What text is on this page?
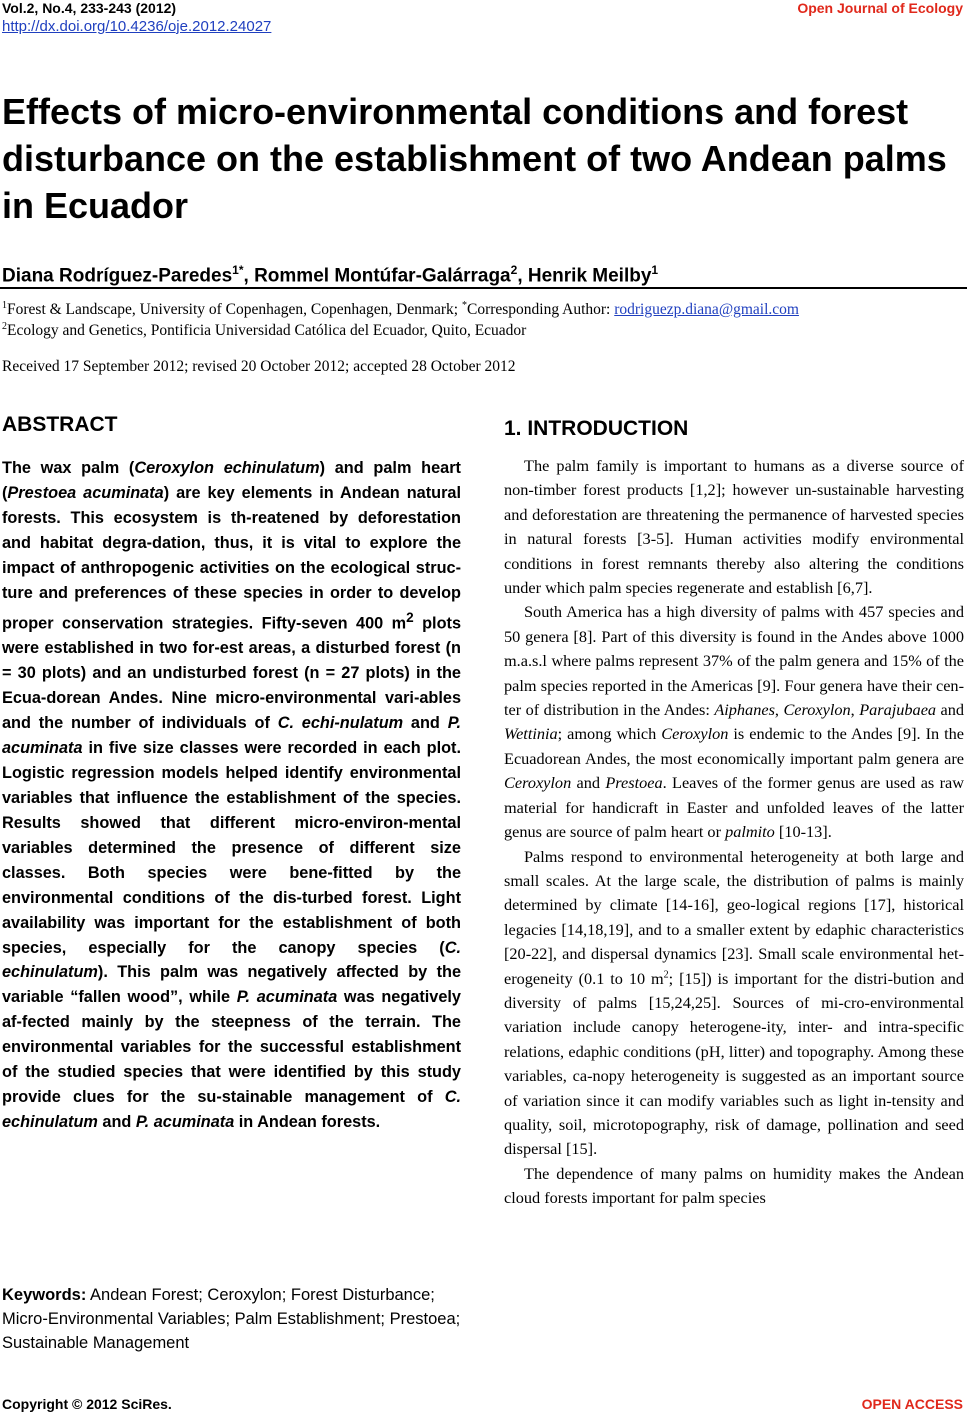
Vol.2, No.4, 233-243 (2012)
http://dx.doi.org/10.4236/oje.2012.24027
Open Journal of Ecology
Effects of micro-environmental conditions and forest disturbance on the establishment of two Andean palms in Ecuador
Diana Rodríguez-Paredes$^{1*}$, Rommel Montúfar-Galárraga$^2$, Henrik Meilby$^1$
$^1$Forest & Landscape, University of Copenhagen, Copenhagen, Denmark; *Corresponding Author: rodriguezp.diana@gmail.com
$^2$Ecology and Genetics, Pontificia Universidad Católica del Ecuador, Quito, Ecuador
Received 17 September 2012; revised 20 October 2012; accepted 28 October 2012
ABSTRACT

The wax palm (Ceroxylon echinulatum) and palm heart (Prestoea acuminata) are key elements in Andean natural forests. This ecosystem is th-reatened by deforestation and habitat degra-dation, thus, it is vital to explore the impact of anthropogenic activities on the ecological struc-ture and preferences of these species in order to develop proper conservation strategies. Fifty-seven 400 $m^2$ plots were established in two for-est areas, a disturbed forest (n = 30 plots) and an undisturbed forest (n = 27 plots) in the Ecua-dorean Andes. Nine micro-environmental vari-ables and the number of individuals of C. echi-nulatum and P. acuminata in five size classes were recorded in each plot. Logistic regression models helped identify environmental variables that influence the establishment of the species. Results showed that different micro-environ-mental variables determined the presence of different size classes. Both species were bene-fitted by the environmental conditions of the dis-turbed forest. Light availability was important for the establishment of both species, especially for the canopy species (C. echinulatum). This palm was negatively affected by the variable “fallen wood”, while P. acuminata was negatively af-fected mainly by the steepness of the terrain. The environmental variables for the successful establishment of the studied species that were identified by this study provide clues for the su-stainable management of C. echinulatum and P. acuminata in Andean forests.

Keywords: Andean Forest; Ceroxylon; Forest Disturbance; Micro-Environmental Variables; Palm Establishment; Prestoea; Sustainable Management

1. INTRODUCTION

The palm family is important to humans as a diverse source of non-timber forest products [1,2]; however un-sustainable harvesting and deforestation are threatening the permanence of harvested species in natural forests [3-5]. Human activities modify environmental conditions in forest remnants thereby also altering the conditions under which palm species regenerate and establish [6,7].

South America has a high diversity of palms with 457 species and 50 genera [8]. Part of this diversity is found in the Andes above 1000 m.a.s.l where palms represent 37% of the palm genera and 15% of the palm species reported in the Americas [9]. Four genera have their cen-ter of distribution in the Andes: Aiphanes, Ceroxylon, Parajubaea and Wettinia; among which Ceroxylon is endemic to the Andes [9]. In the Ecuadorean Andes, the most economically important palm genera are Ceroxylon and Prestoea. Leaves of the former genus are used as raw material for handicraft in Easter and unfolded leaves of the latter genus are source of palm heart or palmito [10-13].

Palms respond to environmental heterogeneity at both large and small scales. At the large scale, the distribution of palms is mainly determined by climate [14-16], geo-logical regions [17], historical legacies [14,18,19], and to a smaller extent by edaphic characteristics [20-22], and dispersal dynamics [23]. Small scale environmental het-erogeneity (0.1 to 10 $m^2$; [15]) is important for the distri-bution and diversity of palms [15,24,25]. Sources of mi-cro-environmental variation include canopy heterogene-ity, inter- and intra-specific relations, edaphic conditions (pH, litter) and topography. Among these variables, ca-nopy heterogeneity is suggested as an important source of variation since it can modify variables such as light in-tensity and quality, soil, microtopography, risk of damage, pollination and seed dispersal [15].

The dependence of many palms on humidity makes the Andean cloud forests important for palm species

Copyright © 2012 SciRes.	OPEN ACCESS
